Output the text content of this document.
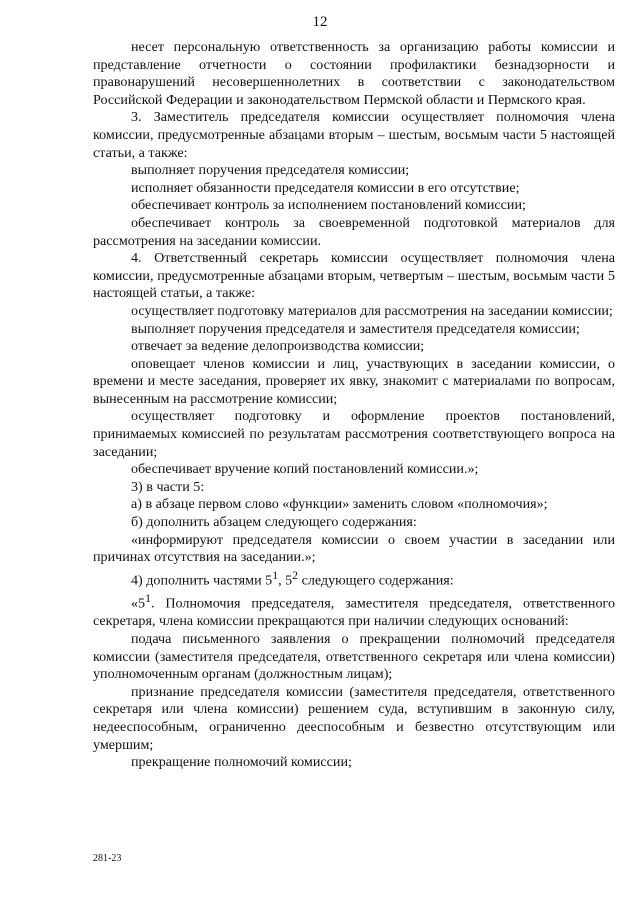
12

несет персональную ответственность за организацию работы комиссии и представление отчетности о состоянии профилактики безнадзорности и правонарушений несовершеннолетних в соответствии с законодательством Российской Федерации и законодательством Пермской области и Пермского края.

3. Заместитель председателя комиссии осуществляет полномочия члена комиссии, предусмотренные абзацами вторым – шестым, восьмым части 5 настоящей статьи, а также:

выполняет поручения председателя комиссии;

исполняет обязанности председателя комиссии в его отсутствие;

обеспечивает контроль за исполнением постановлений комиссии;

обеспечивает контроль за своевременной подготовкой материалов для рассмотрения на заседании комиссии.

4. Ответственный секретарь комиссии осуществляет полномочия члена комиссии, предусмотренные абзацами вторым, четвертым – шестым, восьмым части 5 настоящей статьи, а также:

осуществляет подготовку материалов для рассмотрения на заседании комиссии;

выполняет поручения председателя и заместителя председателя комиссии;

отвечает за ведение делопроизводства комиссии;

оповещает членов комиссии и лиц, участвующих в заседании комиссии, о времени и месте заседания, проверяет их явку, знакомит с материалами по вопросам, вынесенным на рассмотрение комиссии;

осуществляет подготовку и оформление проектов постановлений, принимаемых комиссией по результатам рассмотрения соответствующего вопроса на заседании;

обеспечивает вручение копий постановлений комиссии.»;

3) в части 5:

а) в абзаце первом слово «функции» заменить словом «полномочия»;

б) дополнить абзацем следующего содержания:

«информируют председателя комиссии о своем участии в заседании или причинах отсутствия на заседании.»;

4) дополнить частями $5^1$, $5^2$ следующего содержания:

«$5^1$. Полномочия председателя, заместителя председателя, ответственного секретаря, члена комиссии прекращаются при наличии следующих оснований:

подача письменного заявления о прекращении полномочий председателя комиссии (заместителя председателя, ответственного секретаря или члена комиссии) уполномоченным органам (должностным лицам);

признание председателя комиссии (заместителя председателя, ответственного секретаря или члена комиссии) решением суда, вступившим в законную силу, недееспособным, ограниченно дееспособным и безвестно отсутствующим или умершим;

прекращение полномочий комиссии;

281-23
